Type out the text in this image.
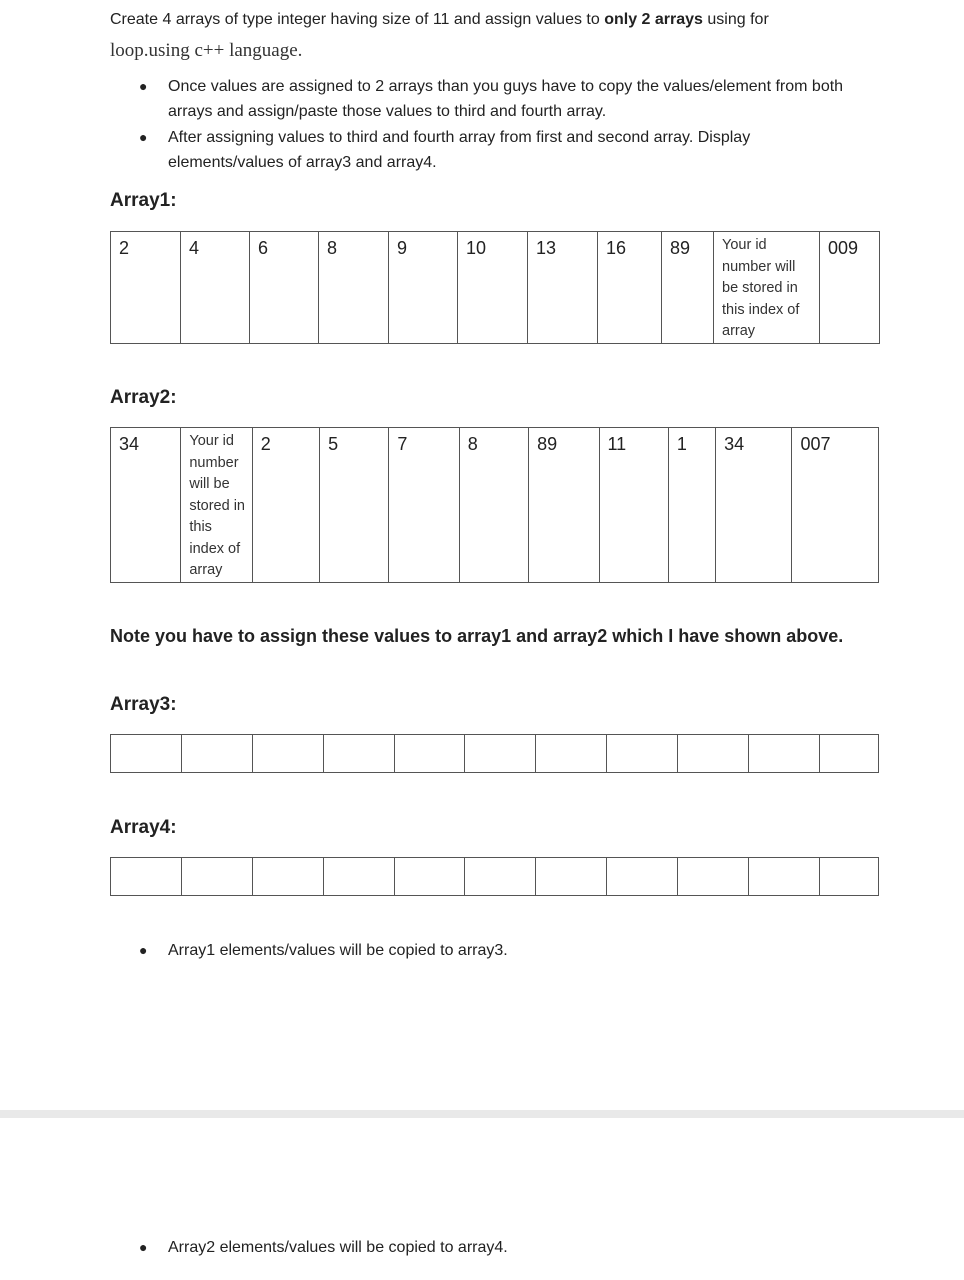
Create 4 arrays of type integer having size of 11 and assign values to only 2 arrays using for
loop.using c++ language.
● Once values are assigned to 2 arrays than you guys have to copy the values/element from both arrays and assign/paste those values to third and fourth array.
● After assigning values to third and fourth array from first and second array. Display elements/values of array3 and array4.
Array1:
2	4	6	8	9	10	13	16	89	Your id number will be stored in this index of array	009
Array2:
34	Your id number will be stored in this index of array	2	5	7	8	89	11	1	34	007
Note you have to assign these values to array1 and array2 which I have shown above.
Array3:

Array4:

● Array1 elements/values will be copied to array3.
● Array2 elements/values will be copied to array4.
